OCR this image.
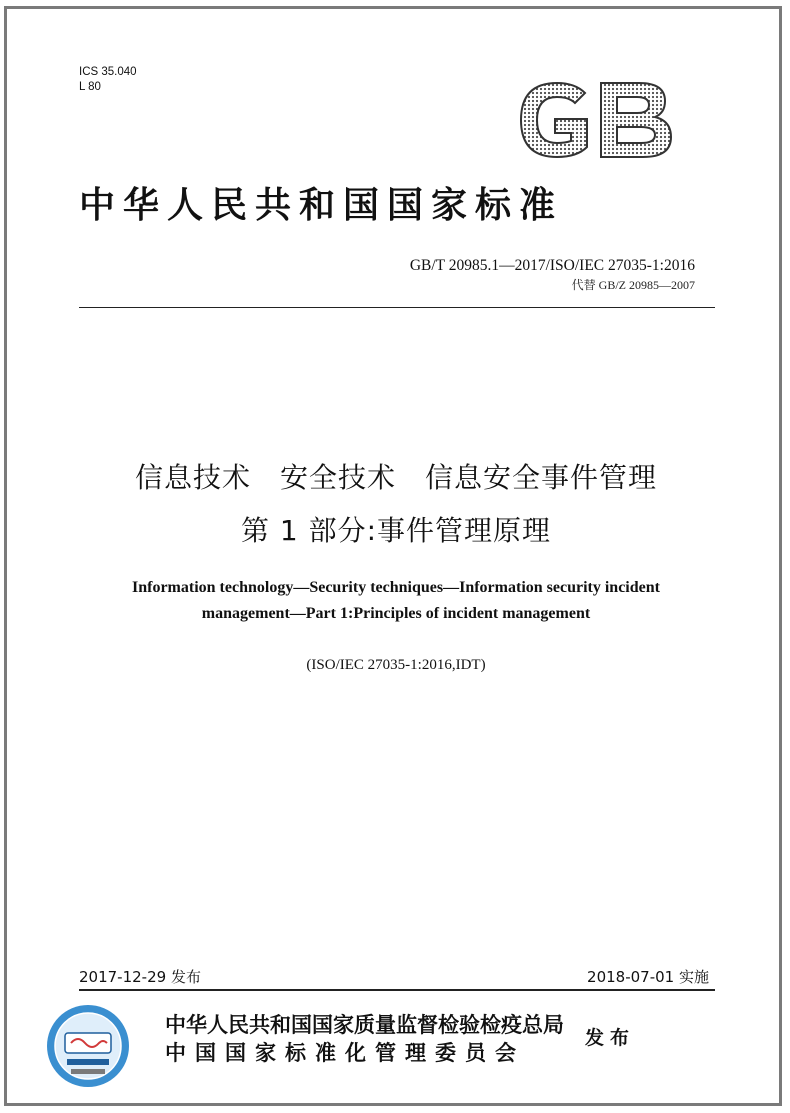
ICS 35.040
L 80
中华人民共和国国家标准
GB/T 20985.1—2017/ISO/IEC 27035-1:2016
代替 GB/Z 20985—2007
信息技术　安全技术　信息安全事件管理
第 1 部分:事件管理原理
Information technology—Security techniques—Information security incident
management—Part 1:Principles of incident management
(ISO/IEC 27035-1:2016,IDT)
2017-12-29 发布	2018-07-01 实施
中华人民共和国国家质量监督检验检疫总局
中国国家标准化管理委员会
发布
